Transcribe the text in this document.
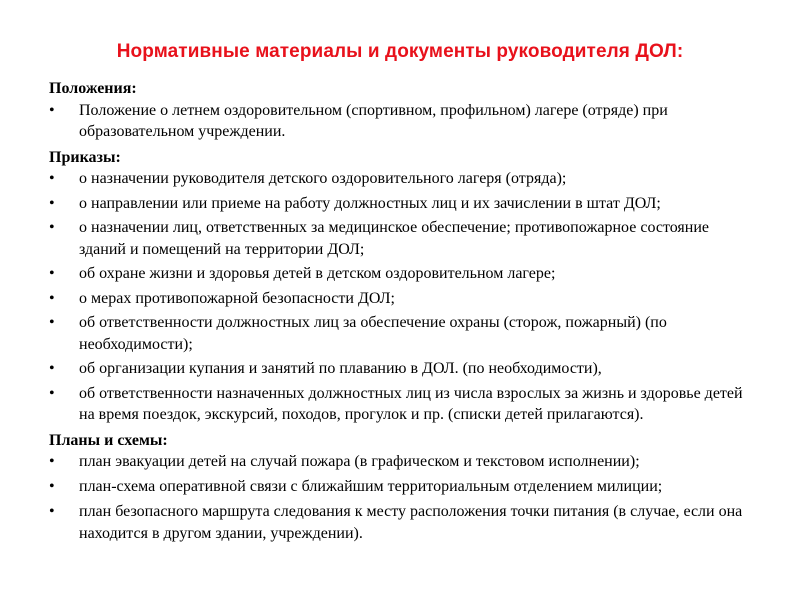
Нормативные материалы и документы руководителя ДОЛ:
Положения:
• Положение о летнем оздоровительном (спортивном, профильном) лагере (отряде) при образовательном учреждении.
Приказы:
• о назначении руководителя детского оздоровительного лагеря (отряда);
• о направлении или приеме на работу должностных лиц и их зачислении в штат ДОЛ;
• о назначении лиц, ответственных за медицинское обеспечение; противопожарное состояние зданий и помещений на территории ДОЛ;
• об охране жизни и здоровья детей в детском оздоровительном лагере;
• о мерах противопожарной безопасности ДОЛ;
• об ответственности должностных лиц за обеспечение охраны (сторож, пожарный) (по необходимости);
• об организации купания и занятий по плаванию в ДОЛ. (по необходимости),
• об ответственности назначенных должностных лиц из числа взрослых за жизнь и здоровье детей на время поездок, экскурсий, походов, прогулок и пр. (списки детей прилагаются).
Планы и схемы:
• план эвакуации детей на случай пожара (в графическом и текстовом исполнении);
• план-схема оперативной связи с ближайшим территориальным отделением милиции;
• план безопасного маршрута следования к месту расположения точки питания (в случае, если она находится в другом здании, учреждении).
